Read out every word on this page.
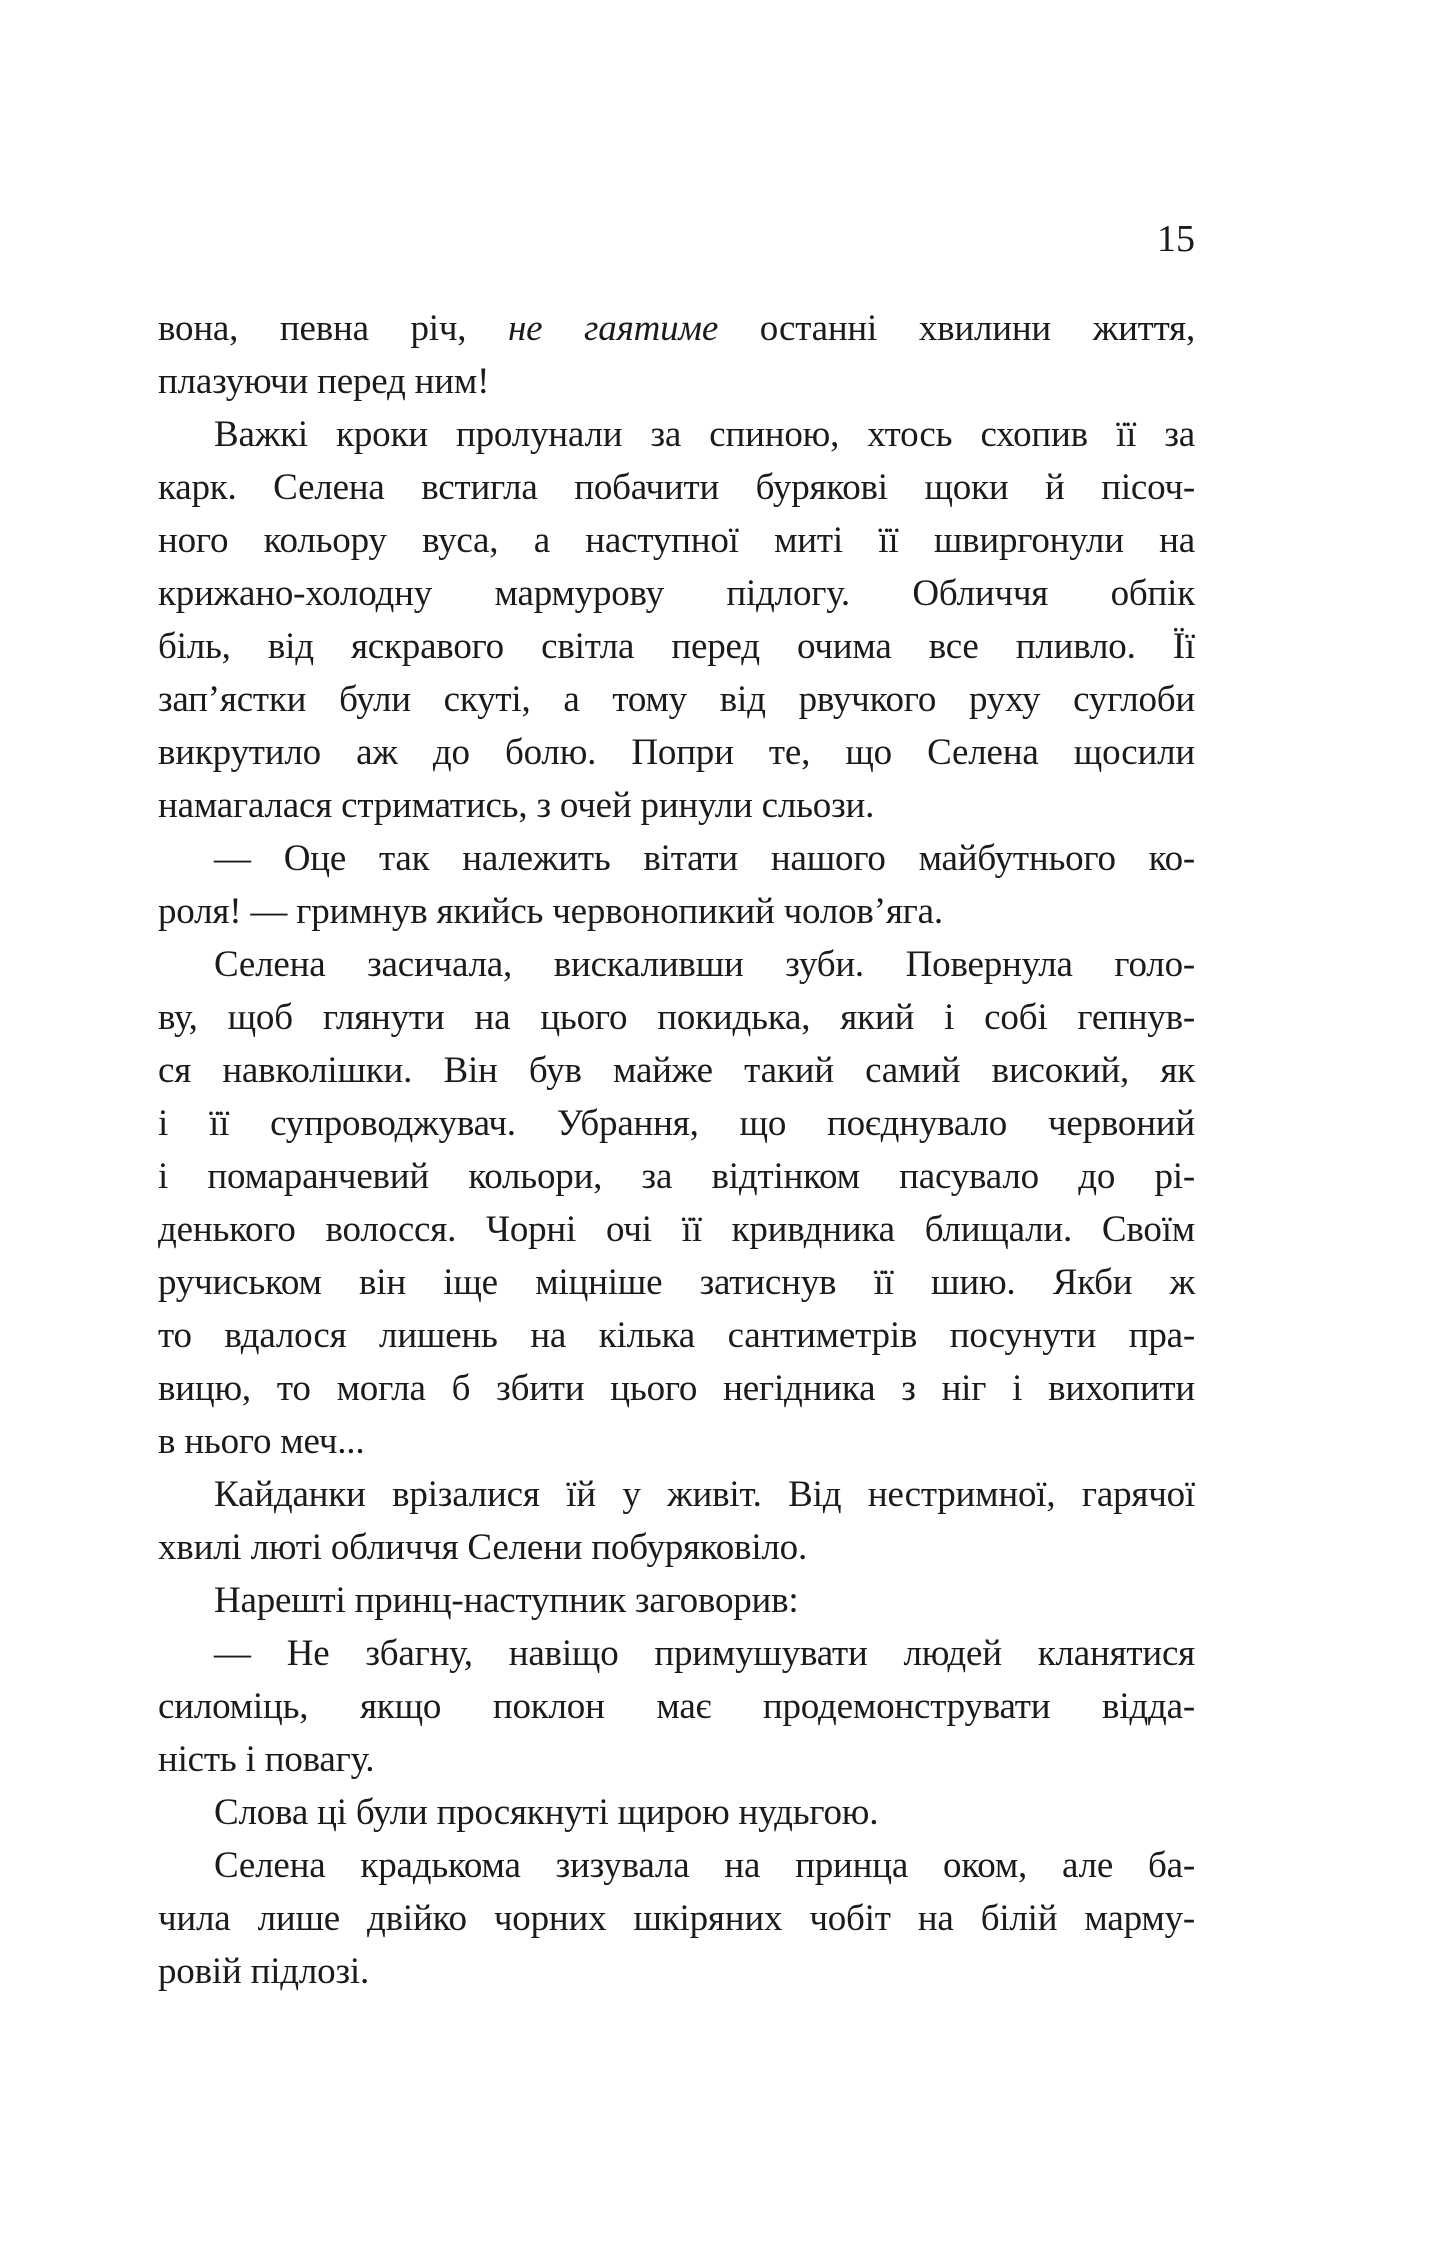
15
вона, певна річ, не гаятиме останні хвилини життя,
плазуючи перед ним!
Важкі кроки пролунали за спиною, хтось схопив її за
карк. Селена встигла побачити бурякові щоки й пісоч-
ного кольору вуса, а наступної миті її швиргонули на
крижано-холодну мармурову підлогу. Обличчя обпік
біль, від яскравого світла перед очима все пливло. Її
зап’ястки були скуті, а тому від рвучкого руху суглоби
викрутило аж до болю. Попри те, що Селена щосили
намагалася стриматись, з очей ринули сльози.
— Оце так належить вітати нашого майбутнього ко-
роля! — гримнув якийсь червонопикий чолов’яга.
Селена засичала, вискаливши зуби. Повернула голо-
ву, щоб глянути на цього покидька, який і собі гепнув-
ся навколішки. Він був майже такий самий високий, як
і її супроводжувач. Убрання, що поєднувало червоний
і помаранчевий кольори, за відтінком пасувало до рі-
денького волосся. Чорні очі її кривдника блищали. Своїм
ручиськом він іще міцніше затиснув її шию. Якби ж
то вдалося лишень на кілька сантиметрів посунути пра-
вицю, то могла б збити цього негідника з ніг і вихопити
в нього меч...
Кайданки врізалися їй у живіт. Від нестримної, гарячої
хвилі люті обличчя Селени побуряковіло.
Нарешті принц-наступник заговорив:
— Не збагну, навіщо примушувати людей кланятися
силоміць, якщо поклон має продемонструвати відда-
ність і повагу.
Слова ці були просякнуті щирою нудьгою.
Селена крадькома зизувала на принца оком, але ба-
чила лише двійко чорних шкіряних чобіт на білій марму-
ровій підлозі.
